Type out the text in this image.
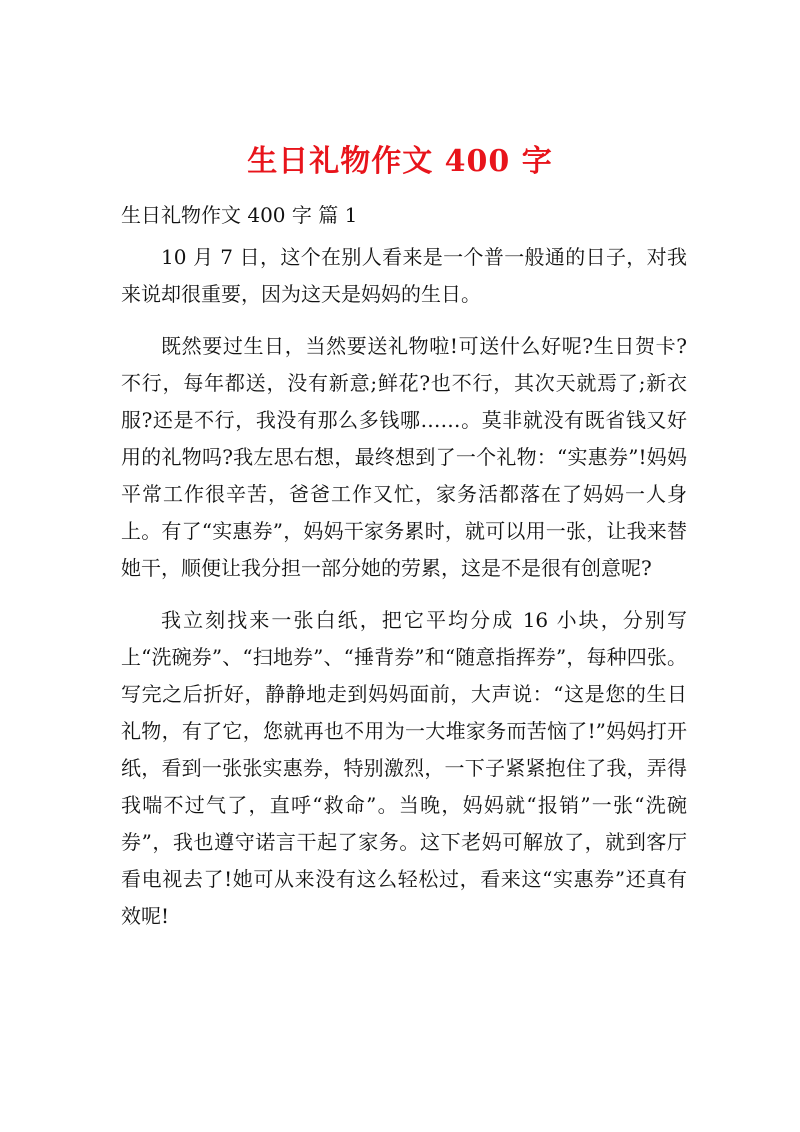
生日礼物作文 400 字
生日礼物作文 400 字 篇 1

10 月 7 日，这个在别人看来是一个普一般通的日子，对我来说却很重要，因为这天是妈妈的生日。

既然要过生日，当然要送礼物啦!可送什么好呢?生日贺卡?不行，每年都送，没有新意;鲜花?也不行，其次天就焉了;新衣服?还是不行，我没有那么多钱哪……。莫非就没有既省钱又好用的礼物吗?我左思右想，最终想到了一个礼物：“实惠券”!妈妈平常工作很辛苦，爸爸工作又忙，家务活都落在了妈妈一人身上。有了“实惠券”，妈妈干家务累时，就可以用一张，让我来替她干，顺便让我分担一部分她的劳累，这是不是很有创意呢?

我立刻找来一张白纸，把它平均分成 16 小块，分别写上“洗碗券”、“扫地券”、“捶背券”和“随意指挥券”，每种四张。写完之后折好，静静地走到妈妈面前，大声说：“这是您的生日礼物，有了它，您就再也不用为一大堆家务而苦恼了!”妈妈打开纸，看到一张张实惠券，特别激烈，一下子紧紧抱住了我，弄得我喘不过气了，直呼“救命”。当晚，妈妈就“报销”一张“洗碗券”，我也遵守诺言干起了家务。这下老妈可解放了，就到客厅看电视去了!她可从来没有这么轻松过，看来这“实惠券”还真有效呢!
